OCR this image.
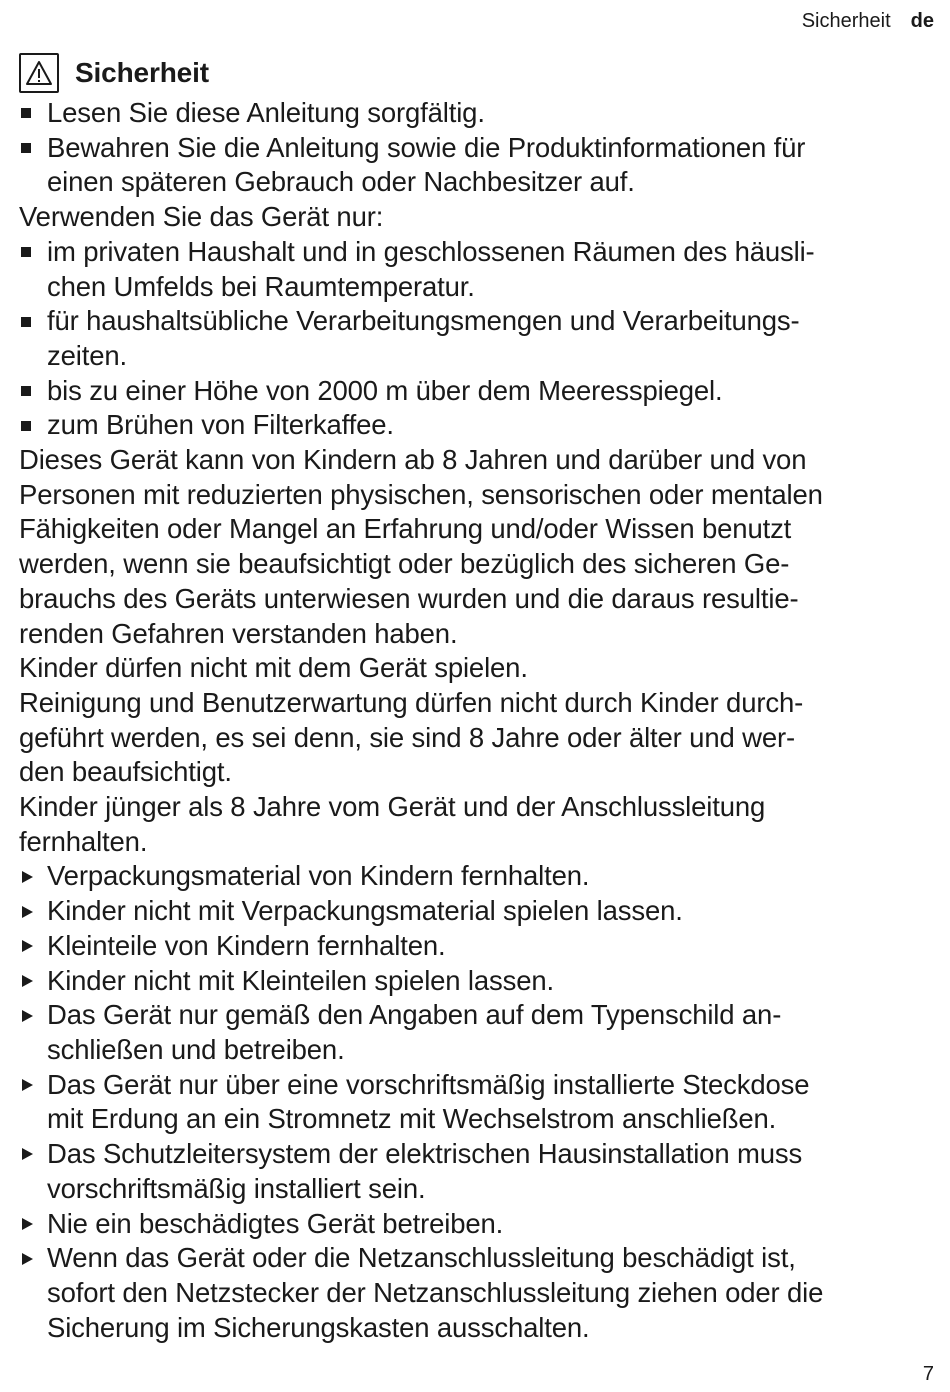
Sicherheit de
Sicherheit
Lesen Sie diese Anleitung sorgfältig.
Bewahren Sie die Anleitung sowie die Produktinformationen für
einen späteren Gebrauch oder Nachbesitzer auf.
Verwenden Sie das Gerät nur:
im privaten Haushalt und in geschlossenen Räumen des häusli-
chen Umfelds bei Raumtemperatur.
für haushaltsübliche Verarbeitungsmengen und Verarbeitungs-
zeiten.
bis zu einer Höhe von 2000 m über dem Meeresspiegel.
zum Brühen von Filterkaffee.
Dieses Gerät kann von Kindern ab 8 Jahren und darüber und von
Personen mit reduzierten physischen, sensorischen oder mentalen
Fähigkeiten oder Mangel an Erfahrung und/oder Wissen benutzt
werden, wenn sie beaufsichtigt oder bezüglich des sicheren Ge-
brauchs des Geräts unterwiesen wurden und die daraus resultie-
renden Gefahren verstanden haben.
Kinder dürfen nicht mit dem Gerät spielen.
Reinigung und Benutzerwartung dürfen nicht durch Kinder durch-
geführt werden, es sei denn, sie sind 8 Jahre oder älter und wer-
den beaufsichtigt.
Kinder jünger als 8 Jahre vom Gerät und der Anschlussleitung
fernhalten.
Verpackungsmaterial von Kindern fernhalten.
Kinder nicht mit Verpackungsmaterial spielen lassen.
Kleinteile von Kindern fernhalten.
Kinder nicht mit Kleinteilen spielen lassen.
Das Gerät nur gemäß den Angaben auf dem Typenschild an-
schließen und betreiben.
Das Gerät nur über eine vorschriftsmäßig installierte Steckdose
mit Erdung an ein Stromnetz mit Wechselstrom anschließen.
Das Schutzleitersystem der elektrischen Hausinstallation muss
vorschriftsmäßig installiert sein.
Nie ein beschädigtes Gerät betreiben.
Wenn das Gerät oder die Netzanschlussleitung beschädigt ist,
sofort den Netzstecker der Netzanschlussleitung ziehen oder die
Sicherung im Sicherungskasten ausschalten.
7
